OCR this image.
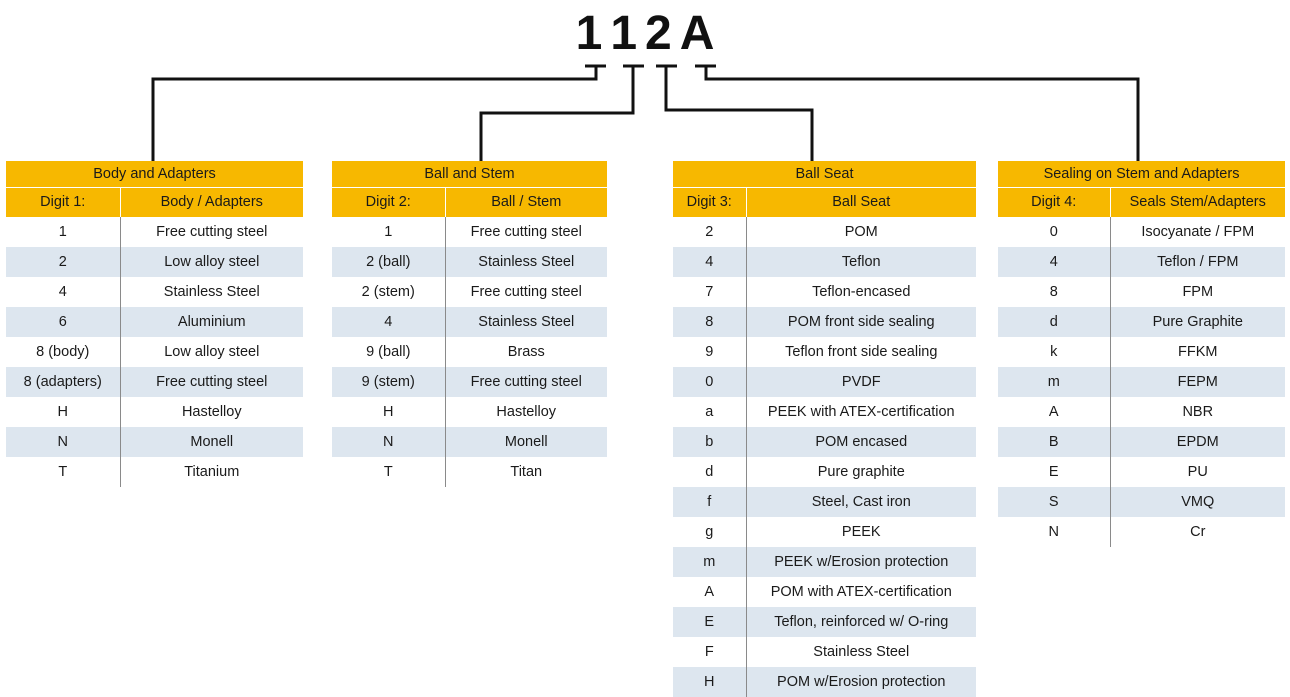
1 1 2 A
Body and Adapters	
Digit 1:	Body / Adapters
1	Free cutting steel
2	Low alloy steel
4	Stainless Steel
6	Aluminium
8 (body)	Low alloy steel
8 (adapters)	Free cutting steel
H	Hastelloy
N	Monell
T	Titanium
Ball and Stem	
Digit 2:	Ball / Stem
1	Free cutting steel
2 (ball)	Stainless Steel
2 (stem)	Free cutting steel
4	Stainless Steel
9 (ball)	Brass
9 (stem)	Free cutting steel
H	Hastelloy
N	Monell
T	Titan
Ball Seat	
Digit 3:	Ball Seat
2	POM
4	Teflon
7	Teflon-encased
8	POM front side sealing
9	Teflon front side sealing
0	PVDF
a	PEEK with ATEX-certification
b	POM encased
d	Pure graphite
f	Steel, Cast iron
g	PEEK
m	PEEK w/Erosion protection
A	POM with ATEX-certification
E	Teflon, reinforced w/ O-ring
F	Stainless Steel
H	POM w/Erosion protection
Sealing on Stem and Adapters	
Digit 4:	Seals Stem/Adapters
0	Isocyanate / FPM
4	Teflon / FPM
8	FPM
d	Pure Graphite
k	FFKM
m	FEPM
A	NBR
B	EPDM
E	PU
S	VMQ
N	Cr
